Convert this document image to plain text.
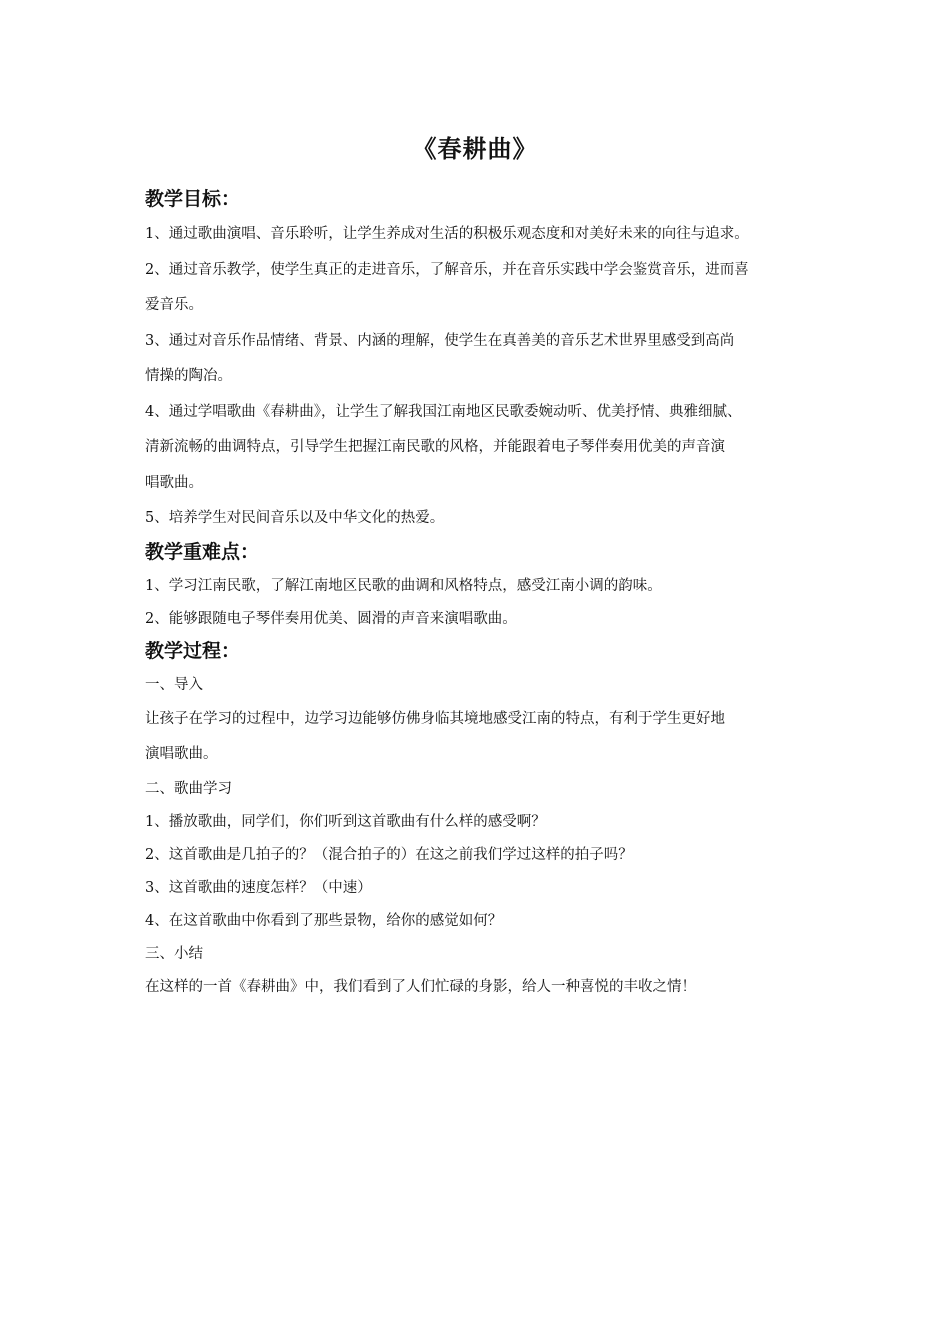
《春耕曲》
教学目标：

1、通过歌曲演唱、音乐聆听，让学生养成对生活的积极乐观态度和对美好未来的向往与追求。

2、通过音乐教学，使学生真正的走进音乐，了解音乐，并在音乐实践中学会鉴赏音乐，进而喜

爱音乐。

3、通过对音乐作品情绪、背景、内涵的理解，使学生在真善美的音乐艺术世界里感受到高尚

情操的陶冶。

4、通过学唱歌曲《春耕曲》，让学生了解我国江南地区民歌委婉动听、优美抒情、典雅细腻、

清新流畅的曲调特点，引导学生把握江南民歌的风格，并能跟着电子琴伴奏用优美的声音演

唱歌曲。

5、培养学生对民间音乐以及中华文化的热爱。

教学重难点：

1、学习江南民歌，了解江南地区民歌的曲调和风格特点，感受江南小调的韵味。

2、能够跟随电子琴伴奏用优美、圆滑的声音来演唱歌曲。

教学过程：

一、导入

让孩子在学习的过程中，边学习边能够仿佛身临其境地感受江南的特点，有利于学生更好地

演唱歌曲。

二、歌曲学习

1、播放歌曲，同学们，你们听到这首歌曲有什么样的感受啊？

2、这首歌曲是几拍子的？（混合拍子的）在这之前我们学过这样的拍子吗？

3、这首歌曲的速度怎样？（中速）

4、在这首歌曲中你看到了那些景物，给你的感觉如何？

三、小结

在这样的一首《春耕曲》中，我们看到了人们忙碌的身影，给人一种喜悦的丰收之情！
